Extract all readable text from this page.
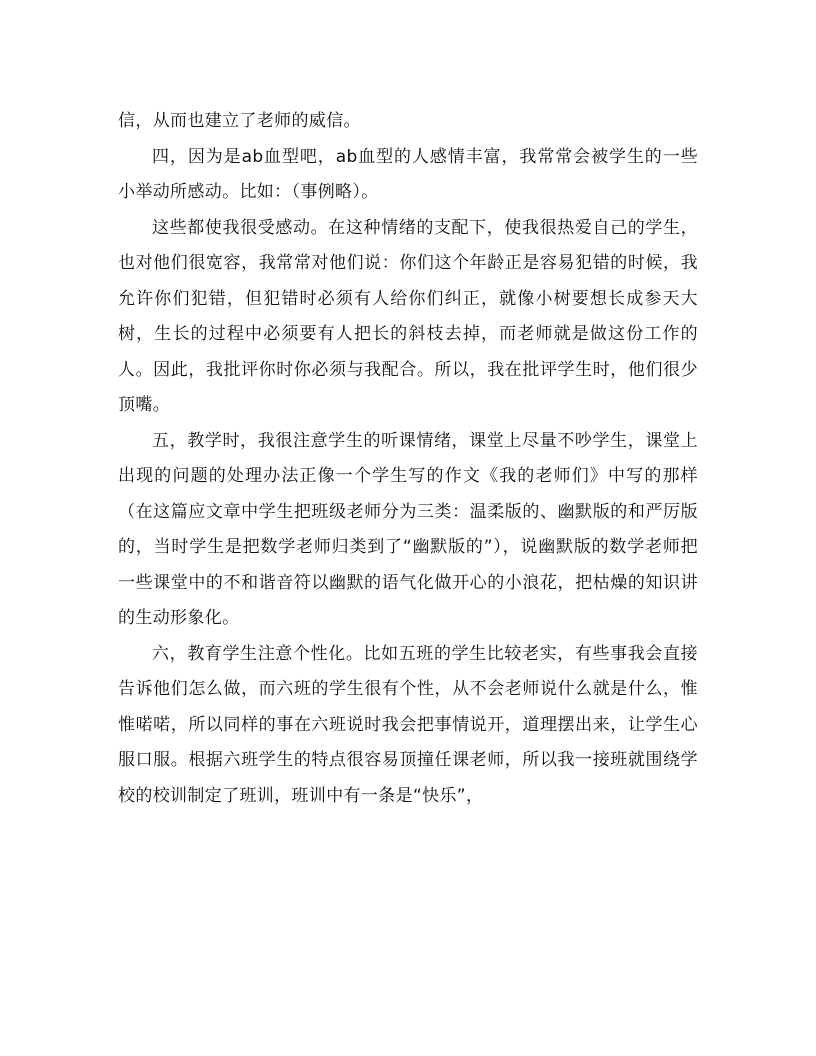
信，从而也建立了老师的威信。

四，因为是ab血型吧，ab血型的人感情丰富，我常常会被学生的一些小举动所感动。比如：（事例略）。

这些都使我很受感动。在这种情绪的支配下，使我很热爱自己的学生，也对他们很宽容，我常常对他们说：你们这个年龄正是容易犯错的时候，我允许你们犯错，但犯错时必须有人给你们纠正，就像小树要想长成参天大树，生长的过程中必须要有人把长的斜枝去掉，而老师就是做这份工作的人。因此，我批评你时你必须与我配合。所以，我在批评学生时，他们很少顶嘴。

五，教学时，我很注意学生的听课情绪，课堂上尽量不吵学生，课堂上出现的问题的处理办法正像一个学生写的作文《我的老师们》中写的那样（在这篇应文章中学生把班级老师分为三类：温柔版的、幽默版的和严厉版的，当时学生是把数学老师归类到了“幽默版的”），说幽默版的数学老师把一些课堂中的不和谐音符以幽默的语气化做开心的小浪花，把枯燥的知识讲的生动形象化。

六，教育学生注意个性化。比如五班的学生比较老实，有些事我会直接告诉他们怎么做，而六班的学生很有个性，从不会老师说什么就是什么，惟惟喏喏，所以同样的事在六班说时我会把事情说开，道理摆出来，让学生心服口服。根据六班学生的特点很容易顶撞任课老师，所以我一接班就围绕学校的校训制定了班训，班训中有一条是“快乐”，
